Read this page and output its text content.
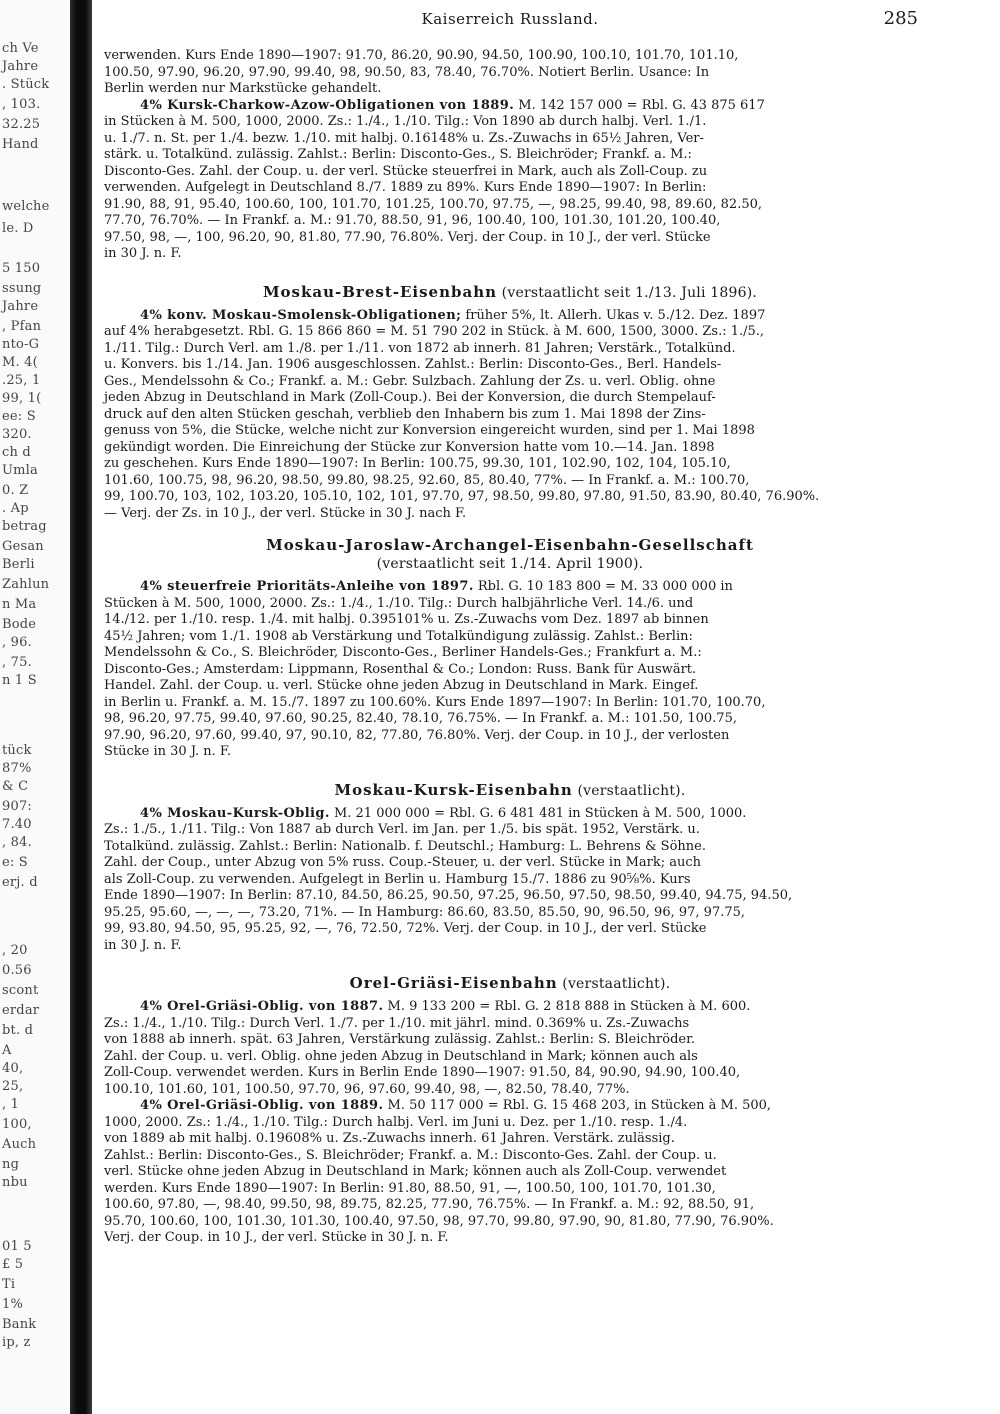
ch Ve
Jahre
. Stück
, 103.
32.25
Hand
welche
le. D
5 150
ssung
Jahre
, Pfan
nto-G
M. 4(
.25, 1
99, 1(
ee: S
320.
ch d
Umla
0. Z
. Ap
betrag
Gesan
Berli
Zahlun
n Ma
Bode
, 96.
, 75.
n 1 S
tück
87%
& C
907:
7.40
, 84.
e: S
erj. d
, 20
0.56
scont
erdar
bt. d
A
40,
25,
, 1
100,
Auch
ng
nbu
01 5
£ 5
Ti
1%
Bank
ip, z
Kaiserreich Russland.	285
verwenden. Kurs Ende 1890—1907: 91.70, 86.20, 90.90, 94.50, 100.90, 100.10, 101.70, 101.10,
100.50, 97.90, 96.20, 97.90, 99.40, 98, 90.50, 83, 78.40, 76.70%. Notiert Berlin. Usance: In
Berlin werden nur Markstücke gehandelt.
4% Kursk-Charkow-Azow-Obligationen von 1889. M. 142 157 000 = Rbl. G. 43 875 617
in Stücken à M. 500, 1000, 2000. Zs.: 1./4., 1./10. Tilg.: Von 1890 ab durch halbj. Verl. 1./1.
u. 1./7. n. St. per 1./4. bezw. 1./10. mit halbj. 0.16148% u. Zs.-Zuwachs in 65½ Jahren, Ver-
stärk. u. Totalkünd. zulässig. Zahlst.: Berlin: Disconto-Ges., S. Bleichröder; Frankf. a. M.:
Disconto-Ges. Zahl. der Coup. u. der verl. Stücke steuerfrei in Mark, auch als Zoll-Coup. zu
verwenden. Aufgelegt in Deutschland 8./7. 1889 zu 89%. Kurs Ende 1890—1907: In Berlin:
91.90, 88, 91, 95.40, 100.60, 100, 101.70, 101.25, 100.70, 97.75, —, 98.25, 99.40, 98, 89.60, 82.50,
77.70, 76.70%. — In Frankf. a. M.: 91.70, 88.50, 91, 96, 100.40, 100, 101.30, 101.20, 100.40,
97.50, 98, —, 100, 96.20, 90, 81.80, 77.90, 76.80%. Verj. der Coup. in 10 J., der verl. Stücke
in 30 J. n. F.
Moskau-Brest-Eisenbahn (verstaatlicht seit 1./13. Juli 1896).
4% konv. Moskau-Smolensk-Obligationen; früher 5%, lt. Allerh. Ukas v. 5./12. Dez. 1897
auf 4% herabgesetzt. Rbl. G. 15 866 860 = M. 51 790 202 in Stück. à M. 600, 1500, 3000. Zs.: 1./5.,
1./11. Tilg.: Durch Verl. am 1./8. per 1./11. von 1872 ab innerh. 81 Jahren; Verstärk., Totalkünd.
u. Konvers. bis 1./14. Jan. 1906 ausgeschlossen. Zahlst.: Berlin: Disconto-Ges., Berl. Handels-
Ges., Mendelssohn & Co.; Frankf. a. M.: Gebr. Sulzbach. Zahlung der Zs. u. verl. Oblig. ohne
jeden Abzug in Deutschland in Mark (Zoll-Coup.). Bei der Konversion, die durch Stempelauf-
druck auf den alten Stücken geschah, verblieb den Inhabern bis zum 1. Mai 1898 der Zins-
genuss von 5%, die Stücke, welche nicht zur Konversion eingereicht wurden, sind per 1. Mai 1898
gekündigt worden. Die Einreichung der Stücke zur Konversion hatte vom 10.—14. Jan. 1898
zu geschehen. Kurs Ende 1890—1907: In Berlin: 100.75, 99.30, 101, 102.90, 102, 104, 105.10,
101.60, 100.75, 98, 96.20, 98.50, 99.80, 98.25, 92.60, 85, 80.40, 77%. — In Frankf. a. M.: 100.70,
99, 100.70, 103, 102, 103.20, 105.10, 102, 101, 97.70, 97, 98.50, 99.80, 97.80, 91.50, 83.90, 80.40, 76.90%.
— Verj. der Zs. in 10 J., der verl. Stücke in 30 J. nach F.
Moskau-Jaroslaw-Archangel-Eisenbahn-Gesellschaft
(verstaatlicht seit 1./14. April 1900).
4% steuerfreie Prioritäts-Anleihe von 1897. Rbl. G. 10 183 800 = M. 33 000 000 in
Stücken à M. 500, 1000, 2000. Zs.: 1./4., 1./10. Tilg.: Durch halbjährliche Verl. 14./6. und
14./12. per 1./10. resp. 1./4. mit halbj. 0.395101% u. Zs.-Zuwachs vom Dez. 1897 ab binnen
45½ Jahren; vom 1./1. 1908 ab Verstärkung und Totalkündigung zulässig. Zahlst.: Berlin:
Mendelssohn & Co., S. Bleichröder, Disconto-Ges., Berliner Handels-Ges.; Frankfurt a. M.:
Disconto-Ges.; Amsterdam: Lippmann, Rosenthal & Co.; London: Russ. Bank für Auswärt.
Handel. Zahl. der Coup. u. verl. Stücke ohne jeden Abzug in Deutschland in Mark. Eingef.
in Berlin u. Frankf. a. M. 15./7. 1897 zu 100.60%. Kurs Ende 1897—1907: In Berlin: 101.70, 100.70,
98, 96.20, 97.75, 99.40, 97.60, 90.25, 82.40, 78.10, 76.75%. — In Frankf. a. M.: 101.50, 100.75,
97.90, 96.20, 97.60, 99.40, 97, 90.10, 82, 77.80, 76.80%. Verj. der Coup. in 10 J., der verlosten
Stücke in 30 J. n. F.
Moskau-Kursk-Eisenbahn (verstaatlicht).
4% Moskau-Kursk-Oblig. M. 21 000 000 = Rbl. G. 6 481 481 in Stücken à M. 500, 1000.
Zs.: 1./5., 1./11. Tilg.: Von 1887 ab durch Verl. im Jan. per 1./5. bis spät. 1952, Verstärk. u.
Totalkünd. zulässig. Zahlst.: Berlin: Nationalb. f. Deutschl.; Hamburg: L. Behrens & Söhne.
Zahl. der Coup., unter Abzug von 5% russ. Coup.-Steuer, u. der verl. Stücke in Mark; auch
als Zoll-Coup. zu verwenden. Aufgelegt in Berlin u. Hamburg 15./7. 1886 zu 90⅝%. Kurs
Ende 1890—1907: In Berlin: 87.10, 84.50, 86.25, 90.50, 97.25, 96.50, 97.50, 98.50, 99.40, 94.75, 94.50,
95.25, 95.60, —, —, —, 73.20, 71%. — In Hamburg: 86.60, 83.50, 85.50, 90, 96.50, 96, 97, 97.75,
99, 93.80, 94.50, 95, 95.25, 92, —, 76, 72.50, 72%. Verj. der Coup. in 10 J., der verl. Stücke
in 30 J. n. F.
Orel-Griäsi-Eisenbahn (verstaatlicht).
4% Orel-Griäsi-Oblig. von 1887. M. 9 133 200 = Rbl. G. 2 818 888 in Stücken à M. 600.
Zs.: 1./4., 1./10. Tilg.: Durch Verl. 1./7. per 1./10. mit jährl. mind. 0.369% u. Zs.-Zuwachs
von 1888 ab innerh. spät. 63 Jahren, Verstärkung zulässig. Zahlst.: Berlin: S. Bleichröder.
Zahl. der Coup. u. verl. Oblig. ohne jeden Abzug in Deutschland in Mark; können auch als
Zoll-Coup. verwendet werden. Kurs in Berlin Ende 1890—1907: 91.50, 84, 90.90, 94.90, 100.40,
100.10, 101.60, 101, 100.50, 97.70, 96, 97.60, 99.40, 98, —, 82.50, 78.40, 77%.
4% Orel-Griäsi-Oblig. von 1889. M. 50 117 000 = Rbl. G. 15 468 203, in Stücken à M. 500,
1000, 2000. Zs.: 1./4., 1./10. Tilg.: Durch halbj. Verl. im Juni u. Dez. per 1./10. resp. 1./4.
von 1889 ab mit halbj. 0.19608% u. Zs.-Zuwachs innerh. 61 Jahren. Verstärk. zulässig.
Zahlst.: Berlin: Disconto-Ges., S. Bleichröder; Frankf. a. M.: Disconto-Ges. Zahl. der Coup. u.
verl. Stücke ohne jeden Abzug in Deutschland in Mark; können auch als Zoll-Coup. verwendet
werden. Kurs Ende 1890—1907: In Berlin: 91.80, 88.50, 91, —, 100.50, 100, 101.70, 101.30,
100.60, 97.80, —, 98.40, 99.50, 98, 89.75, 82.25, 77.90, 76.75%. — In Frankf. a. M.: 92, 88.50, 91,
95.70, 100.60, 100, 101.30, 101.30, 100.40, 97.50, 98, 97.70, 99.80, 97.90, 90, 81.80, 77.90, 76.90%.
Verj. der Coup. in 10 J., der verl. Stücke in 30 J. n. F.
